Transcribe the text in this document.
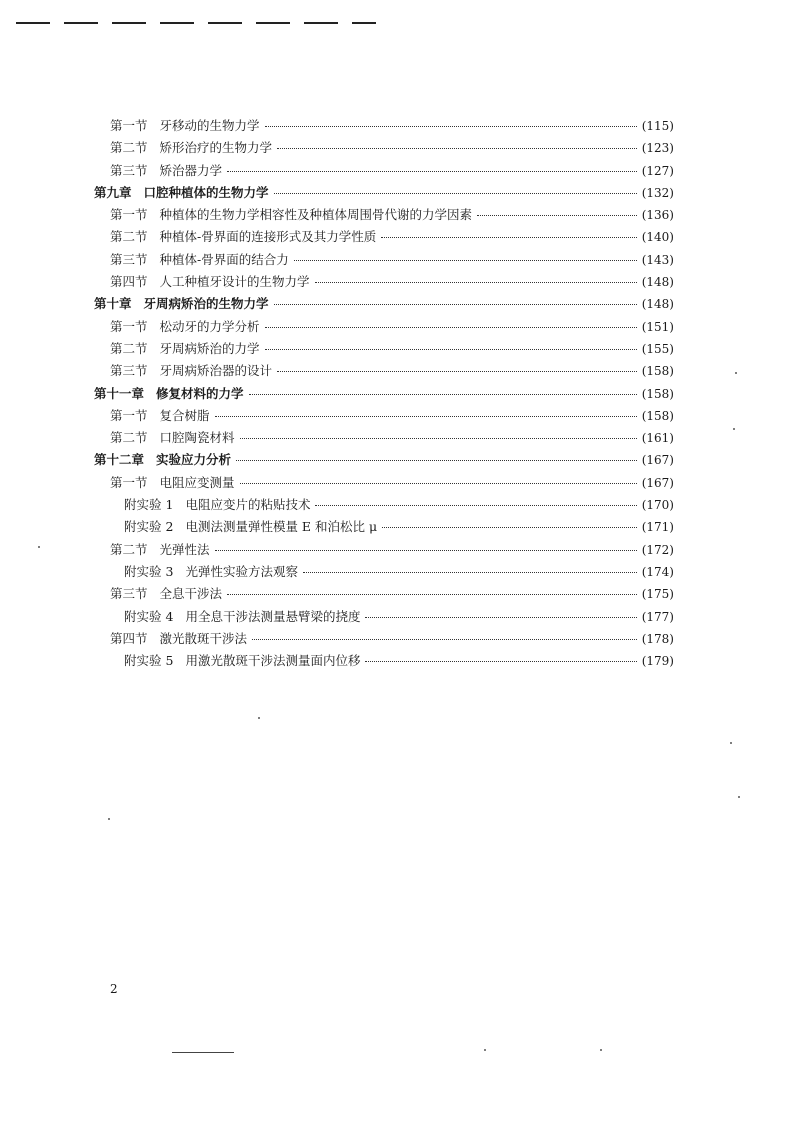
第一节 牙移动的生物力学	(115)
第二节 矫形治疗的生物力学	(123)
第三节 矫治器力学	(127)
第九章 口腔种植体的生物力学	(132)
第一节 种植体的生物力学相容性及种植体周围骨代谢的力学因素	(136)
第二节 种植体-骨界面的连接形式及其力学性质	(140)
第三节 种植体-骨界面的结合力	(143)
第四节 人工种植牙设计的生物力学	(148)
第十章 牙周病矫治的生物力学	(148)
第一节 松动牙的力学分析	(151)
第二节 牙周病矫治的力学	(155)
第三节 牙周病矫治器的设计	(158)
第十一章 修复材料的力学	(158)
第一节 复合树脂	(158)
第二节 口腔陶瓷材料	(161)
第十二章 实验应力分析	(167)
第一节 电阻应变测量	(167)
附实验 1 电阻应变片的粘贴技术	(170)
附实验 2 电测法测量弹性模量 E 和泊松比 μ	(171)
第二节 光弹性法	(172)
附实验 3 光弹性实验方法观察	(174)
第三节 全息干涉法	(175)
附实验 4 用全息干涉法测量悬臂梁的挠度	(177)
第四节 激光散斑干涉法	(178)
附实验 5 用激光散斑干涉法测量面内位移	(179)
2
